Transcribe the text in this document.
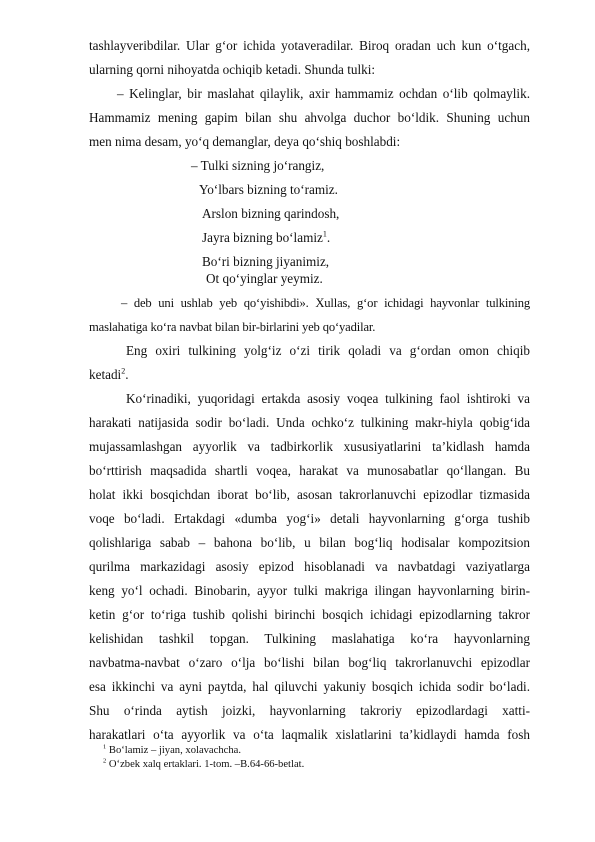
tashlayveribdilar. Ular g‘or ichida yotaveradilar. Biroq oradan uch kun o‘tgach,
ularning qorni nihoyatda ochiqib ketadi. Shunda tulki:
– Kelinglar, bir maslahat qilaylik, axir hammamiz ochdan o‘lib qolmaylik.
Hammamiz mening gapim bilan shu ahvolga duchor bo‘ldik. Shuning uchun
men nima desam, yo‘q demanglar, deya qo‘shiq boshlabdi:
– Tulki sizning jo‘rangiz,
Yo‘lbars bizning to‘ramiz.
Arslon bizning qarindosh,
Jayra bizning bo‘lamiz$^1$.
Bo‘ri bizning jiyanimiz,
Ot qo‘yinglar yeymiz.
– deb uni ushlab yeb qo‘yishibdi». Xullas, g‘or ichidagi hayvonlar tulkining
maslahatiga ko‘ra navbat bilan bir-birlarini yeb qo‘yadilar.
Eng oxiri tulkining yolg‘iz o‘zi tirik qoladi va g‘ordan omon chiqib
ketadi$^2$.
Ko‘rinadiki, yuqoridagi ertakda asosiy voqea tulkining faol ishtiroki va
harakati natijasida sodir bo‘ladi. Unda ochko‘z tulkining makr-hiyla qobig‘ida
mujassamlashgan ayyorlik va tadbirkorlik xususiyatlarini ta’kidlash hamda
bo‘rttirish maqsadida shartli voqea, harakat va munosabatlar qo‘llangan. Bu
holat ikki bosqichdan iborat bo‘lib, asosan takrorlanuvchi epizodlar tizmasida
voqe bo‘ladi. Ertakdagi «dumba yog‘i» detali hayvonlarning g‘orga tushib
qolishlariga sabab – bahona bo‘lib, u bilan bog‘liq hodisalar kompozitsion
qurilma markazidagi asosiy epizod hisoblanadi va navbatdagi vaziyatlarga
keng yo‘l ochadi. Binobarin, ayyor tulki makriga ilingan hayvonlarning birin-
ketin g‘or to‘riga tushib qolishi birinchi bosqich ichidagi epizodlarning takror
kelishidan tashkil topgan. Tulkining maslahatiga ko‘ra hayvonlarning
navbatma-navbat o‘zaro o‘lja bo‘lishi bilan bog‘liq takrorlanuvchi epizodlar
esa ikkinchi va ayni paytda, hal qiluvchi yakuniy bosqich ichida sodir bo‘ladi.
Shu o‘rinda aytish joizki, hayvonlarning takroriy epizodlardagi xatti-
harakatlari o‘ta ayyorlik va o‘ta laqmalik xislatlarini ta’kidlaydi hamda fosh
$^1$ Bo‘lamiz – jiyan, xolavachcha.
$^2$ O‘zbek xalq ertaklari. 1-tom. –B.64-66-betlat.
